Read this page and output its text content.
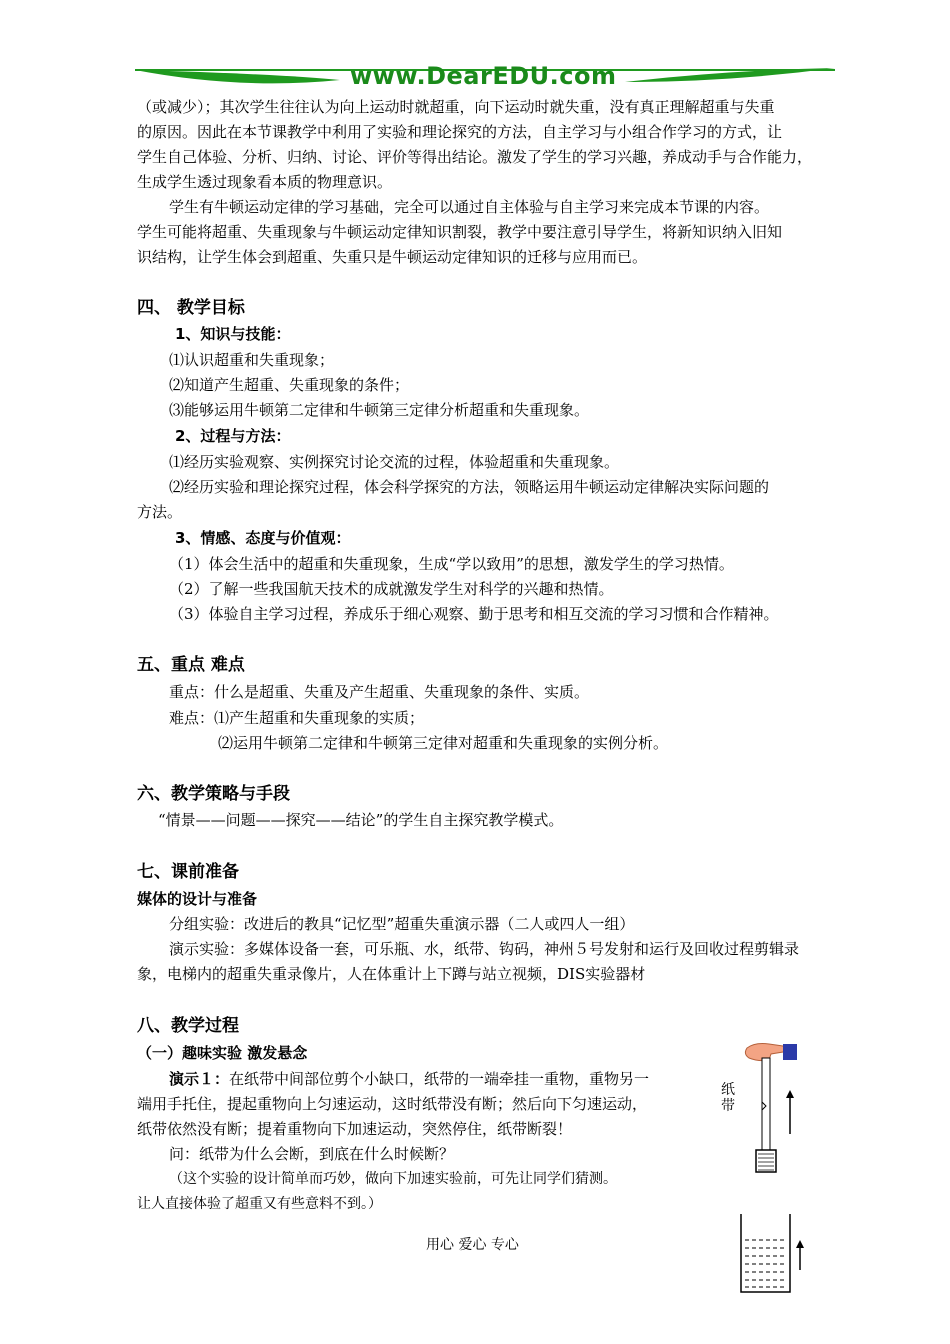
www.DearEDU.com
（或减少）；其次学生往往认为向上运动时就超重，向下运动时就失重，没有真正理解超重与失重
的原因。因此在本节课教学中利用了实验和理论探究的方法，自主学习与小组合作学习的方式，让
学生自己体验、分析、归纳、讨论、评价等得出结论。激发了学生的学习兴趣，养成动手与合作能力，
生成学生透过现象看本质的物理意识。
学生有牛顿运动定律的学习基础，完全可以通过自主体验与自主学习来完成本节课的内容。
学生可能将超重、失重现象与牛顿运动定律知识割裂，教学中要注意引导学生，将新知识纳入旧知
识结构，让学生体会到超重、失重只是牛顿运动定律知识的迁移与应用而已。
四、 教学目标
1、知识与技能：
⑴认识超重和失重现象；
⑵知道产生超重、失重现象的条件；
⑶能够运用牛顿第二定律和牛顿第三定律分析超重和失重现象。
2、过程与方法：
⑴经历实验观察、实例探究讨论交流的过程，体验超重和失重现象。
⑵经历实验和理论探究过程，体会科学探究的方法，领略运用牛顿运动定律解决实际问题的
方法。
3、情感、态度与价值观：
（1）体会生活中的超重和失重现象，生成“学以致用”的思想，激发学生的学习热情。
（2）了解一些我国航天技术的成就激发学生对科学的兴趣和热情。
（3）体验自主学习过程，养成乐于细心观察、勤于思考和相互交流的学习习惯和合作精神。
五、重点 难点
重点：什么是超重、失重及产生超重、失重现象的条件、实质。
难点：⑴产生超重和失重现象的实质；
⑵运用牛顿第二定律和牛顿第三定律对超重和失重现象的实例分析。
六、教学策略与手段
“情景——问题——探究——结论”的学生自主探究教学模式。
七、课前准备
媒体的设计与准备
分组实验：改进后的教具“记忆型”超重失重演示器（二人或四人一组）
演示实验：多媒体设备一套，可乐瓶、水，纸带、钩码，神州５号发射和运行及回收过程剪辑录
象，电梯内的超重失重录像片，人在体重计上下蹲与站立视频，DIS实验器材
八、教学过程
（一）趣味实验 激发悬念
演示１：在纸带中间部位剪个小缺口，纸带的一端牵挂一重物，重物另一
端用手托住，提起重物向上匀速运动，这时纸带没有断；然后向下匀速运动，
纸带依然没有断；提着重物向下加速运动，突然停住，纸带断裂！
问：纸带为什么会断，到底在什么时候断？
（这个实验的设计简单而巧妙，做向下加速实验前，可先让同学们猜测。
让人直接体验了超重又有些意料不到。）
纸
带
用心 爱心 专心
